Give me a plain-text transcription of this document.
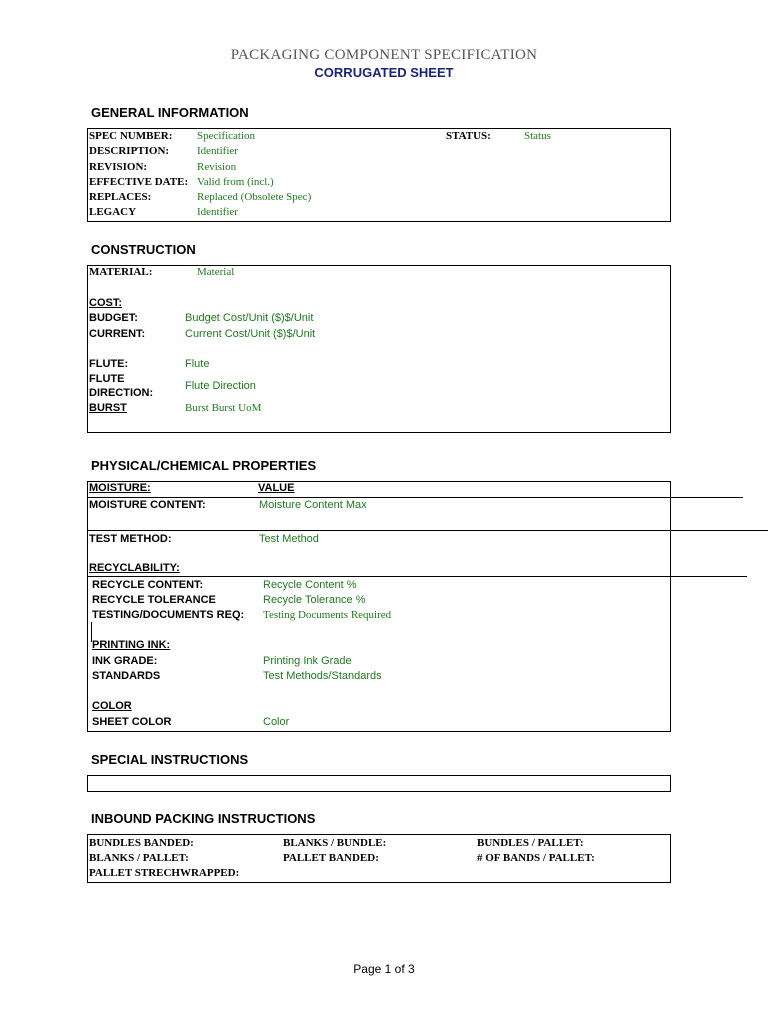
PACKAGING COMPONENT SPECIFICATION
CORRUGATED SHEET
GENERAL INFORMATION
SPEC NUMBER: Specification	STATUS:	Status
DESCRIPTION:	Identifier
REVISION:	Revision
EFFECTIVE DATE: Valid from (incl.)
REPLACES:	Replaced (Obsolete Spec)
LEGACY	Identifier
CONSTRUCTION
MATERIAL:	Material
COST:
BUDGET:	Budget Cost/Unit ($)$/Unit
CURRENT:	Current Cost/Unit ($)$/Unit
FLUTE:	Flute
FLUTE
DIRECTION:
Flute Direction
BURST	Burst Burst UoM
PHYSICAL/CHEMICAL PROPERTIES
MOISTURE:	VALUE
MOISTURE CONTENT:	Moisture Content Max
TEST METHOD:	Test Method
RECYCLABILITY:
RECYCLE CONTENT:	Recycle Content %
RECYCLE TOLERANCE	Recycle Tolerance %
TESTING/DOCUMENTS REQ: Testing Documents Required
PRINTING INK:
INK GRADE:	Printing Ink Grade
STANDARDS	Test Methods/Standards
COLOR
SHEET COLOR	Color
SPECIAL INSTRUCTIONS
INBOUND PACKING INSTRUCTIONS
BUNDLES BANDED:	BLANKS / BUNDLE:	BUNDLES / PALLET:
BLANKS / PALLET:	PALLET BANDED:	# OF BANDS / PALLET:
PALLET STRECHWRAPPED:
Page 1 of 3
